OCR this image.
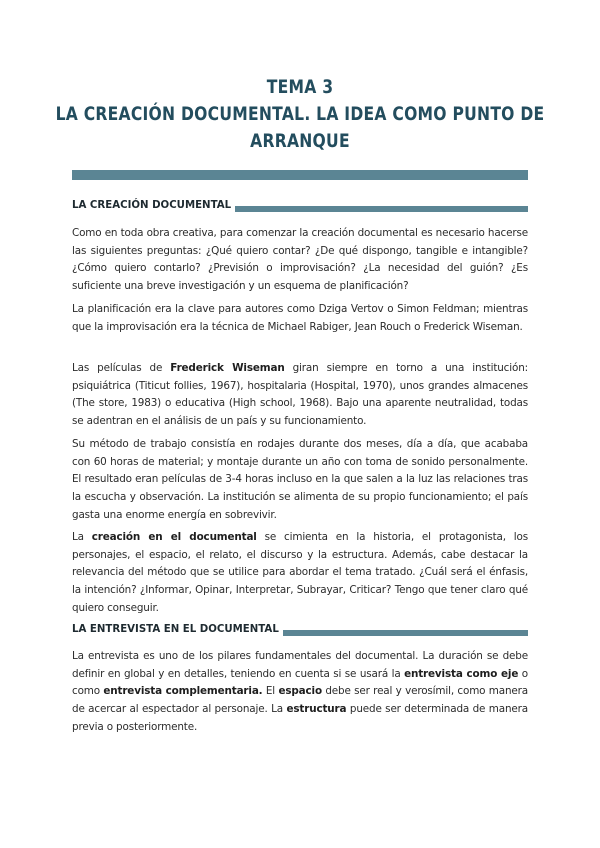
TEMA 3
LA CREACIÓN DOCUMENTAL. LA IDEA COMO PUNTO DE
ARRANQUE
LA CREACIÓN DOCUMENTAL
Como en toda obra creativa, para comenzar la creación documental es necesario hacerse las siguientes preguntas: ¿Qué quiero contar? ¿De qué dispongo, tangible e intangible? ¿Cómo quiero contarlo? ¿Previsión o improvisación? ¿La necesidad del guión? ¿Es suficiente una breve investigación y un esquema de planificación?
La planificación era la clave para autores como Dziga Vertov o Simon Feldman; mientras que la improvisación era la técnica de Michael Rabiger, Jean Rouch o Frederick Wiseman.
Las películas de Frederick Wiseman giran siempre en torno a una institución: psiquiátrica (Titicut follies, 1967), hospitalaria (Hospital, 1970), unos grandes almacenes (The store, 1983) o educativa (High school, 1968). Bajo una aparente neutralidad, todas se adentran en el análisis de un país y su funcionamiento.
Su método de trabajo consistía en rodajes durante dos meses, día a día, que acababa con 60 horas de material; y montaje durante un año con toma de sonido personalmente. El resultado eran películas de 3-4 horas incluso en la que salen a la luz las relaciones tras la escucha y observación. La institución se alimenta de su propio funcionamiento; el país gasta una enorme energía en sobrevivir.
La creación en el documental se cimienta en la historia, el protagonista, los personajes, el espacio, el relato, el discurso y la estructura. Además, cabe destacar la relevancia del método que se utilice para abordar el tema tratado. ¿Cuál será el énfasis, la intención? ¿Informar, Opinar, Interpretar, Subrayar, Criticar? Tengo que tener claro qué quiero conseguir.
LA ENTREVISTA EN EL DOCUMENTAL
La entrevista es uno de los pilares fundamentales del documental. La duración se debe definir en global y en detalles, teniendo en cuenta si se usará la entrevista como eje o como entrevista complementaria. El espacio debe ser real y verosímil, como manera de acercar al espectador al personaje. La estructura puede ser determinada de manera previa o posteriormente.
